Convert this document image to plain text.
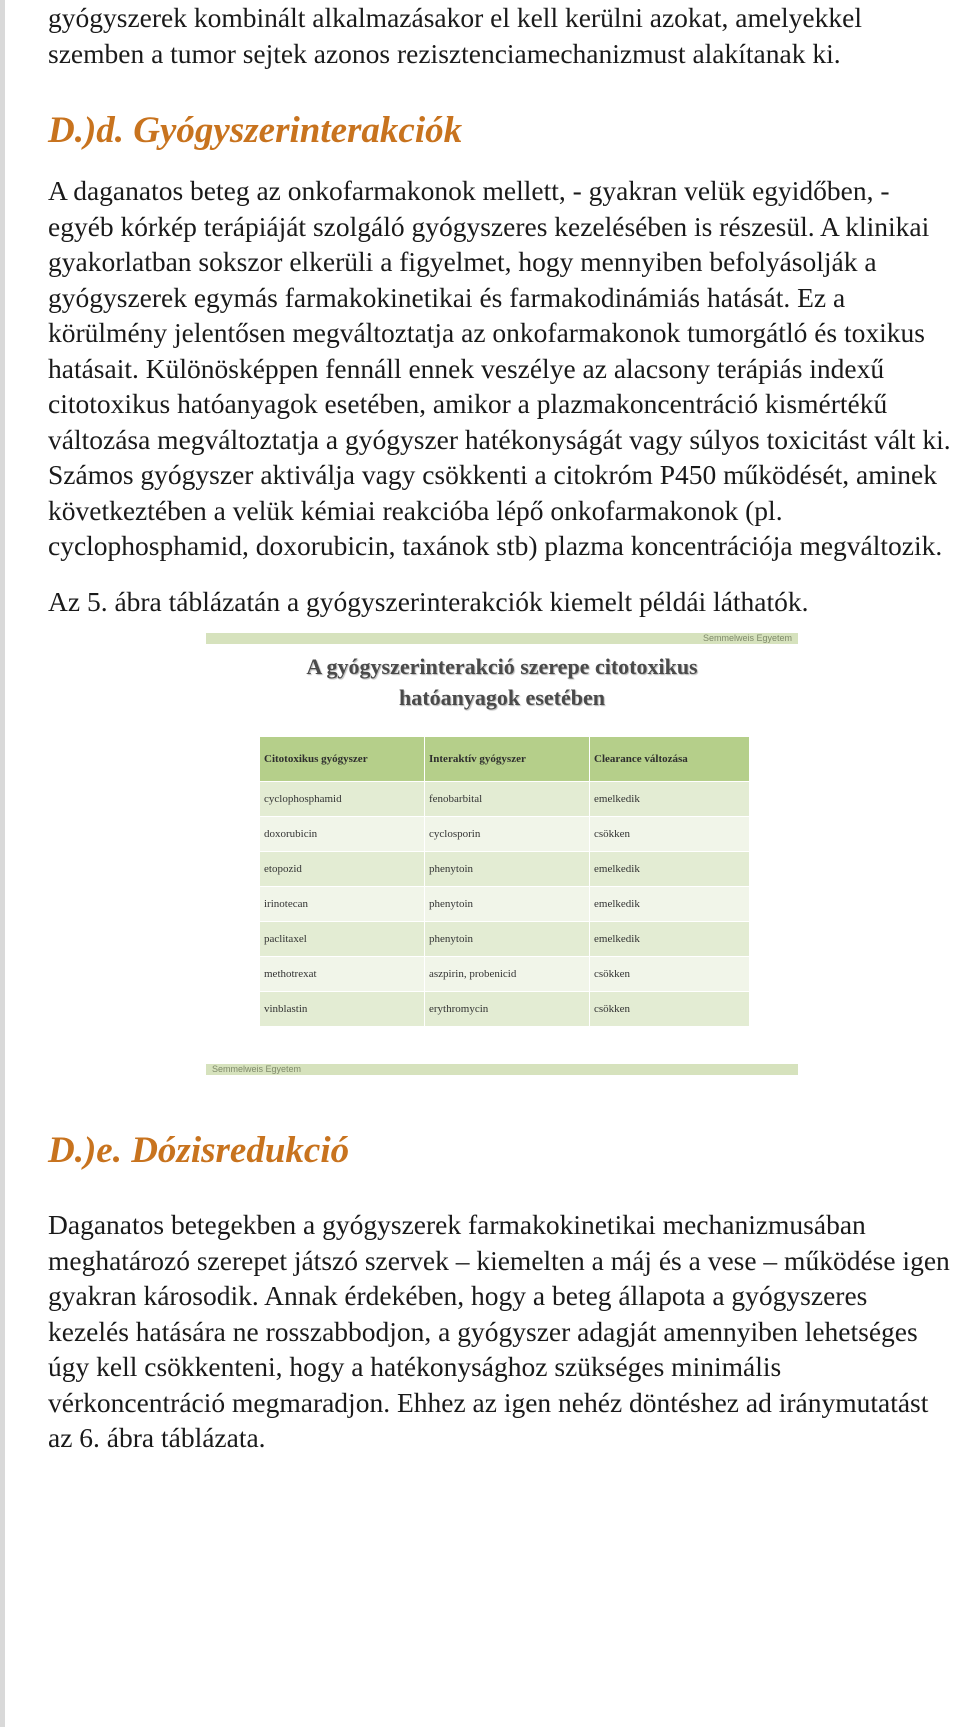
gyógyszerek kombinált alkalmazásakor el kell kerülni azokat, amelyekkel szemben a tumor sejtek azonos rezisztenciamechanizmust alakítanak ki.

D.)d. Gyógyszerinterakciók

A daganatos beteg az onkofarmakonok mellett, - gyakran velük egyidőben, - egyéb kórkép terápiáját szolgáló gyógyszeres kezelésében is részesül. A klinikai gyakorlatban sokszor elkerüli a figyelmet, hogy mennyiben befolyásolják a gyógyszerek egymás farmakokinetikai és farmakodinámiás hatását. Ez a körülmény jelentősen megváltoztatja az onkofarmakonok tumorgátló és toxikus hatásait. Különösképpen fennáll ennek veszélye az alacsony terápiás indexű citotoxikus hatóanyagok esetében, amikor a plazmakoncentráció kismértékű változása megváltoztatja a gyógyszer hatékonyságát vagy súlyos toxicitást vált ki. Számos gyógyszer aktiválja vagy csökkenti a citokróm P450 működését, aminek következtében a velük kémiai reakcióba lépő onkofarmakonok (pl. cyclophosphamid, doxorubicin, taxánok stb) plazma koncentrációja megváltozik.

Az 5. ábra táblázatán a gyógyszerinterakciók kiemelt példái láthatók.

Semmelweis Egyetem
A gyógyszerinterakció szerepe citotoxikus
hatóanyagok esetében
Citotoxikus gyógyszer	Interaktív gyógyszer	Clearance változása
cyclophosphamid	fenobarbital	emelkedik
doxorubicin	cyclosporin	csökken
etopozid	phenytoin	emelkedik
irinotecan	phenytoin	emelkedik
paclitaxel	phenytoin	emelkedik
methotrexat	aszpirin, probenicid	csökken
vinblastin	erythromycin	csökken
Semmelweis Egyetem
D.)e. Dózisredukció

Daganatos betegekben a gyógyszerek farmakokinetikai mechanizmusában meghatározó szerepet játszó szervek – kiemelten a máj és a vese – működése igen gyakran károsodik. Annak érdekében, hogy a beteg állapota a gyógyszeres kezelés hatására ne rosszabbodjon, a gyógyszer adagját amennyiben lehetséges úgy kell csökkenteni, hogy a hatékonysághoz szükséges minimális vérkoncentráció megmaradjon. Ehhez az igen nehéz döntéshez ad iránymutatást az 6. ábra táblázata.
